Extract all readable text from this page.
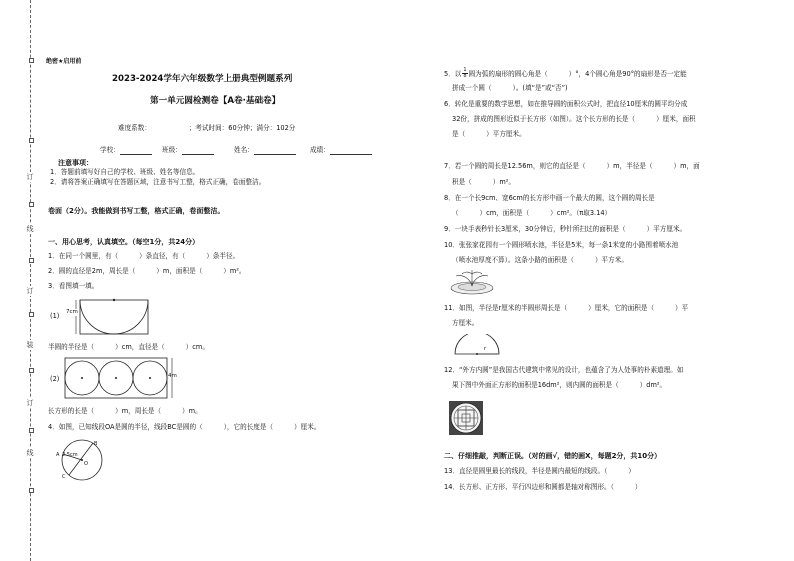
订
线
订
装
订
线
绝密★启用前
2023-2024学年六年级数学上册典型例题系列
第一单元圆检测卷【A卷·基础卷】
难度系数：                  ；考试时间：60分钟；满分：102分
学校：	班级：	姓名：	成绩：
注意事项：
1．答题前填写好自己的学校、班级、姓名等信息。
2．请将答案正确填写在答题区域，注意书写工整，格式正确，卷面整洁。
卷面（2分）。我能做到书写工整，格式正确，卷面整洁。
一、用心思考，认真填空。（每空1分，共24分）
1．在同一个圆里，有（          ）条直径，有（          ）条半径。
2．圆的直径是2m，周长是（          ）m，面积是（          ）m²。
3．看图填一填。
(1) 7cm
半圆的半径是（          ）cm，直径是（          ）cm。
(2)	4m
长方形的长是（          ）m，周长是（          ）m。
4．如图，已知线段OA是圆的半径，线段BC是圆的（          ），它的长度是（          ）厘米。
2.5cm
A
B
O
C
5．以 $\frac{1}{8}$ 圆为弧的扇形的圆心角是（          ）°，4个圆心角是90°的扇形是否一定能
拼成一个圆（          ）。(填“是”或“否”)
6．转化是重要的数学思想，如在推导圆的面积公式时，把直径10厘米的圆平均分成
32份，拼成的图形近似于长方形（如图）。这个长方形的长是（          ）厘米，面积
是（          ）平方厘米。
7．若一个圆的周长是12.56m，则它的直径是（          ）m，半径是（          ）m，面
积是（          ）m²。
8．在一个长9cm、宽6cm的长方形中画一个最大的圆，这个圆的周长是
（          ）cm，面积是（          ）cm²。（π取3.14）
9．一块手表秒针长3厘米，30分钟后，秒针所扫过的面积是（          ）平方厘米。
10．张张家花园有一个圆形喷水池，半径是5米，每一条1米宽的小路围着喷水池
（喷水池厚度不算）。这条小路的面积是（          ）平方米。
11．如图，半径是r厘米的半圆形周长是（          ）厘米，它的面积是（          ）平
方厘米。
r
12．“外方内圆”是我国古代建筑中常见的设计，也蕴含了为人处事的朴素道理。如
果下图中外面正方形的面积是16dm²，则内圆的面积是（          ）dm²。
二、仔细推敲，判断正误。（对的画√，错的画X，每题2分，共10分）
13．直径是圆里最长的线段，半径是圆内最短的线段。（          ）
14．长方形、正方形、平行四边形和圆都是轴对称图形。（          ）
